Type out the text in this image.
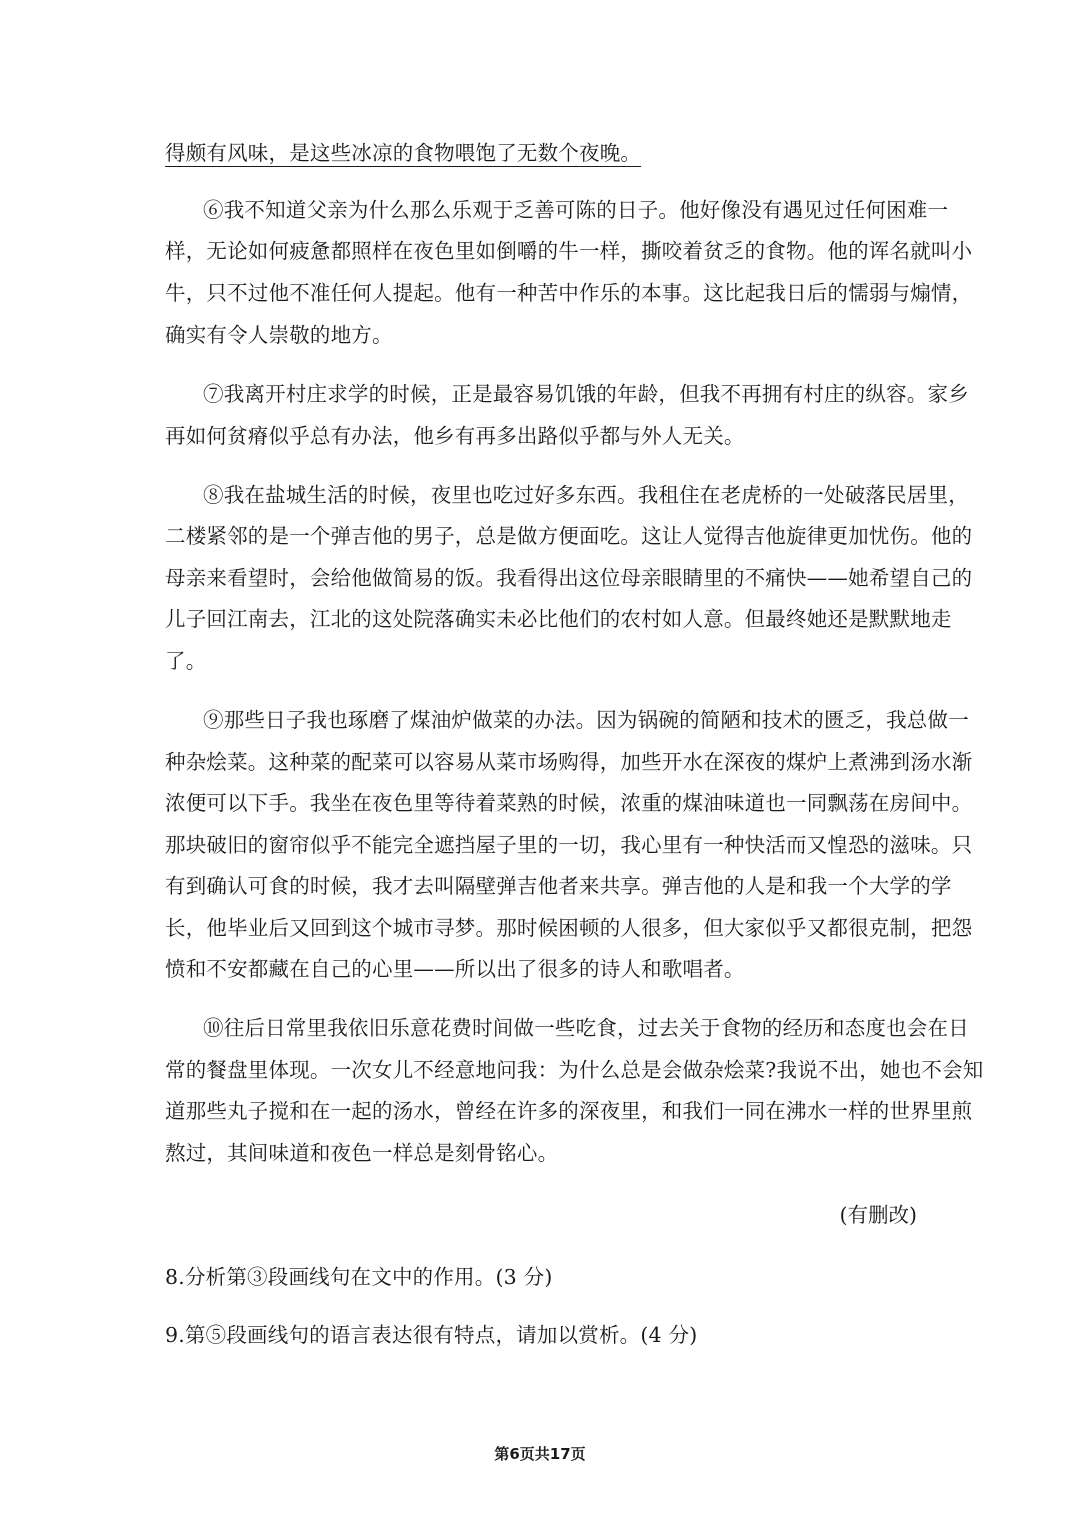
得颇有风味，是这些冰凉的食物喂饱了无数个夜晚。
⑥我不知道父亲为什么那么乐观于乏善可陈的日子。他好像没有遇见过任何困难一
样，无论如何疲惫都照样在夜色里如倒嚼的牛一样，撕咬着贫乏的食物。他的诨名就叫小
牛，只不过他不准任何人提起。他有一种苦中作乐的本事。这比起我日后的懦弱与煽情，
确实有令人崇敬的地方。
⑦我离开村庄求学的时候，正是最容易饥饿的年龄，但我不再拥有村庄的纵容。家乡
再如何贫瘠似乎总有办法，他乡有再多出路似乎都与外人无关。
⑧我在盐城生活的时候，夜里也吃过好多东西。我租住在老虎桥的一处破落民居里，
二楼紧邻的是一个弹吉他的男子，总是做方便面吃。这让人觉得吉他旋律更加忧伤。他的
母亲来看望时，会给他做简易的饭。我看得出这位母亲眼睛里的不痛快——她希望自己的
儿子回江南去，江北的这处院落确实未必比他们的农村如人意。但最终她还是默默地走
了。
⑨那些日子我也琢磨了煤油炉做菜的办法。因为锅碗的简陋和技术的匮乏，我总做一
种杂烩菜。这种菜的配菜可以容易从菜市场购得，加些开水在深夜的煤炉上煮沸到汤水渐
浓便可以下手。我坐在夜色里等待着菜熟的时候，浓重的煤油味道也一同飘荡在房间中。
那块破旧的窗帘似乎不能完全遮挡屋子里的一切，我心里有一种快活而又惶恐的滋味。只
有到确认可食的时候，我才去叫隔壁弹吉他者来共享。弹吉他的人是和我一个大学的学
长，他毕业后又回到这个城市寻梦。那时候困顿的人很多，但大家似乎又都很克制，把怨
愤和不安都藏在自己的心里——所以出了很多的诗人和歌唱者。
⑩往后日常里我依旧乐意花费时间做一些吃食，过去关于食物的经历和态度也会在日
常的餐盘里体现。一次女儿不经意地问我：为什么总是会做杂烩菜?我说不出，她也不会知
道那些丸子搅和在一起的汤水，曾经在许多的深夜里，和我们一同在沸水一样的世界里煎
熬过，其间味道和夜色一样总是刻骨铭心。
(有删改)
8.分析第③段画线句在文中的作用。(3 分)
9.第⑤段画线句的语言表达很有特点，请加以赏析。(4 分)
第6页共17页
